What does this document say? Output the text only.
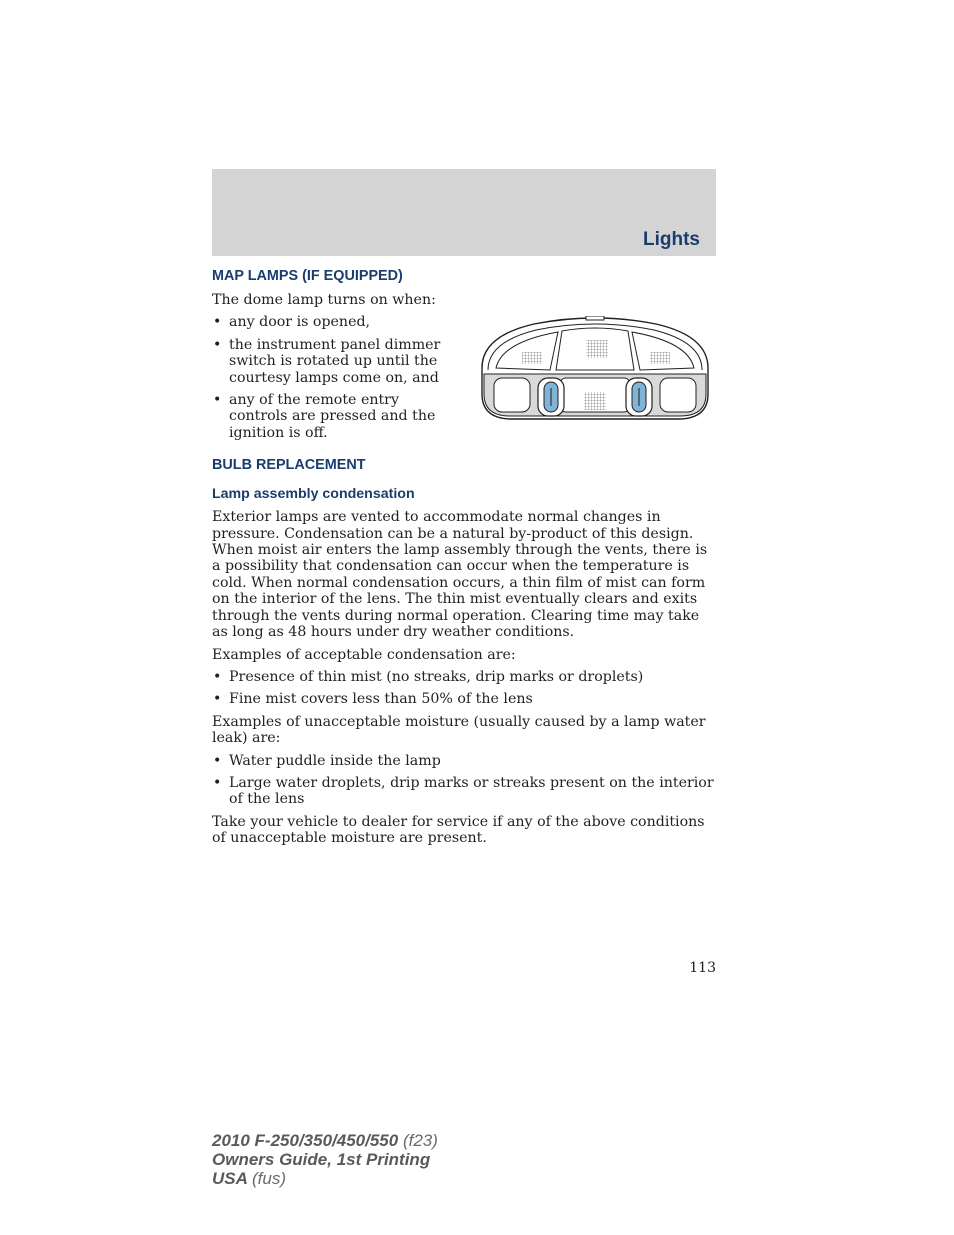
Lights
MAP LAMPS (IF EQUIPPED)

The dome lamp turns on when:

• any door is opened,
• the instrument panel dimmer switch is rotated up until the courtesy lamps come on, and
• any of the remote entry controls are pressed and the ignition is off.
BULB REPLACEMENT
Lamp assembly condensation

Exterior lamps are vented to accommodate normal changes in pressure. Condensation can be a natural by-product of this design. When moist air enters the lamp assembly through the vents, there is a possibility that condensation can occur when the temperature is cold. When normal condensation occurs, a thin film of mist can form on the interior of the lens. The thin mist eventually clears and exits through the vents during normal operation. Clearing time may take as long as 48 hours under dry weather conditions.

Examples of acceptable condensation are:

• Presence of thin mist (no streaks, drip marks or droplets)
• Fine mist covers less than 50% of the lens

Examples of unacceptable moisture (usually caused by a lamp water leak) are:

• Water puddle inside the lamp
• Large water droplets, drip marks or streaks present on the interior of the lens

Take your vehicle to dealer for service if any of the above conditions of unacceptable moisture are present.

113
2010 F-250/350/450/550 (f23)
Owners Guide, 1st Printing
USA (fus)
